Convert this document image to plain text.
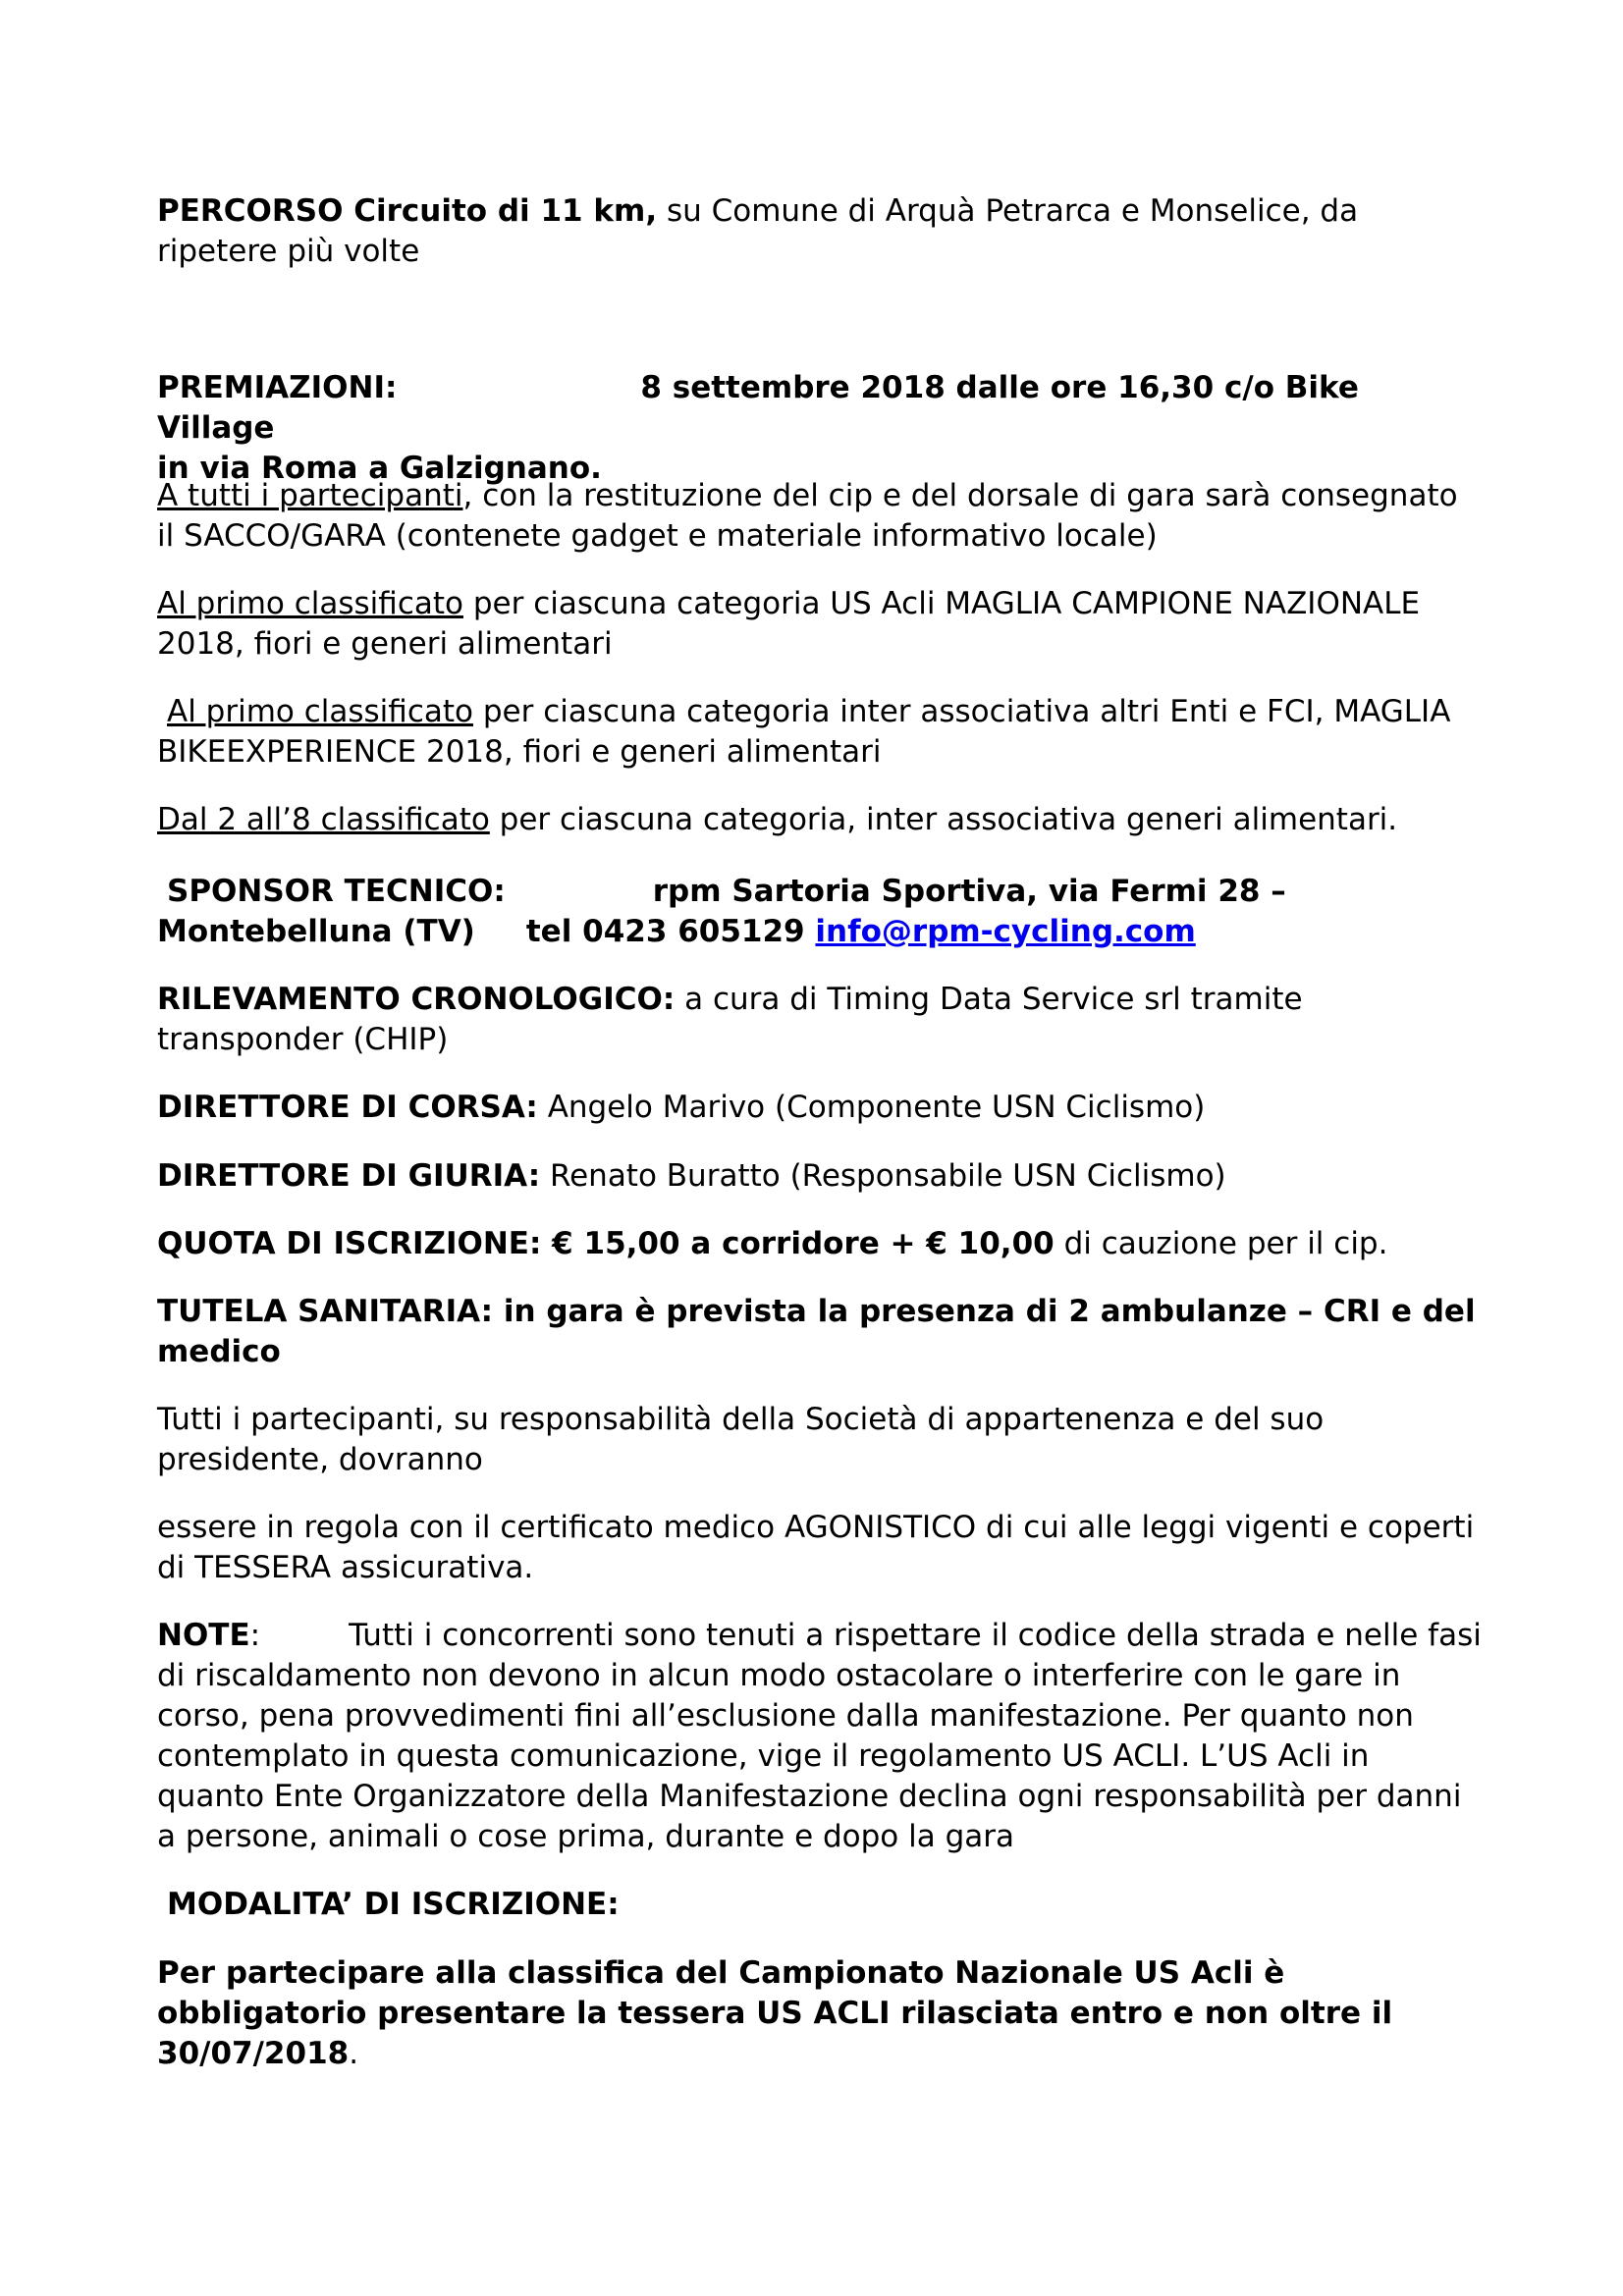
PERCORSO Circuito di 11 km, su Comune di Arquà Petrarca e Monselice, da ripetere più volte

PREMIAZIONI:	8 settembre 2018 dalle ore 16,30 c/o Bike Village
in via Roma a Galzignano.

A tutti i partecipanti, con la restituzione del cip e del dorsale di gara sarà consegnato il SACCO/GARA (contenete gadget e materiale informativo locale)

Al primo classificato per ciascuna categoria US Acli MAGLIA CAMPIONE NAZIONALE 2018, fiori e generi alimentari

Al primo classificato per ciascuna categoria inter associativa altri Enti e FCI, MAGLIA BIKEEXPERIENCE 2018, fiori e generi alimentari

Dal 2 all’8 classificato per ciascuna categoria, inter associativa generi alimentari.

SPONSOR TECNICO:	rpm Sartoria Sportiva, via Fermi 28 –
Montebelluna (TV) tel 0423 605129 info@rpm-cycling.com

RILEVAMENTO CRONOLOGICO: a cura di Timing Data Service srl tramite transponder (CHIP)

DIRETTORE DI CORSA: Angelo Marivo (Componente USN Ciclismo)

DIRETTORE DI GIURIA: Renato Buratto (Responsabile USN Ciclismo)

QUOTA DI ISCRIZIONE: € 15,00 a corridore + € 10,00 di cauzione per il cip.

TUTELA SANITARIA: in gara è prevista la presenza di 2 ambulanze – CRI e del medico

Tutti i partecipanti, su responsabilità della Società di appartenenza e del suo presidente, dovranno

essere in regola con il certificato medico AGONISTICO di cui alle leggi vigenti e coperti di TESSERA assicurativa.

NOTE:	Tutti i concorrenti sono tenuti a rispettare il codice della strada e nelle fasi di riscaldamento non devono in alcun modo ostacolare o interferire con le gare in corso, pena provvedimenti fini all’esclusione dalla manifestazione. Per quanto non contemplato in questa comunicazione, vige il regolamento US ACLI. L’US Acli in quanto Ente Organizzatore della Manifestazione declina ogni responsabilità per danni a persone, animali o cose prima, durante e dopo la gara

MODALITA’ DI ISCRIZIONE:

Per partecipare alla classifica del Campionato Nazionale US Acli è obbligatorio presentare la tessera US ACLI rilasciata entro e non oltre il 30/07/2018.
